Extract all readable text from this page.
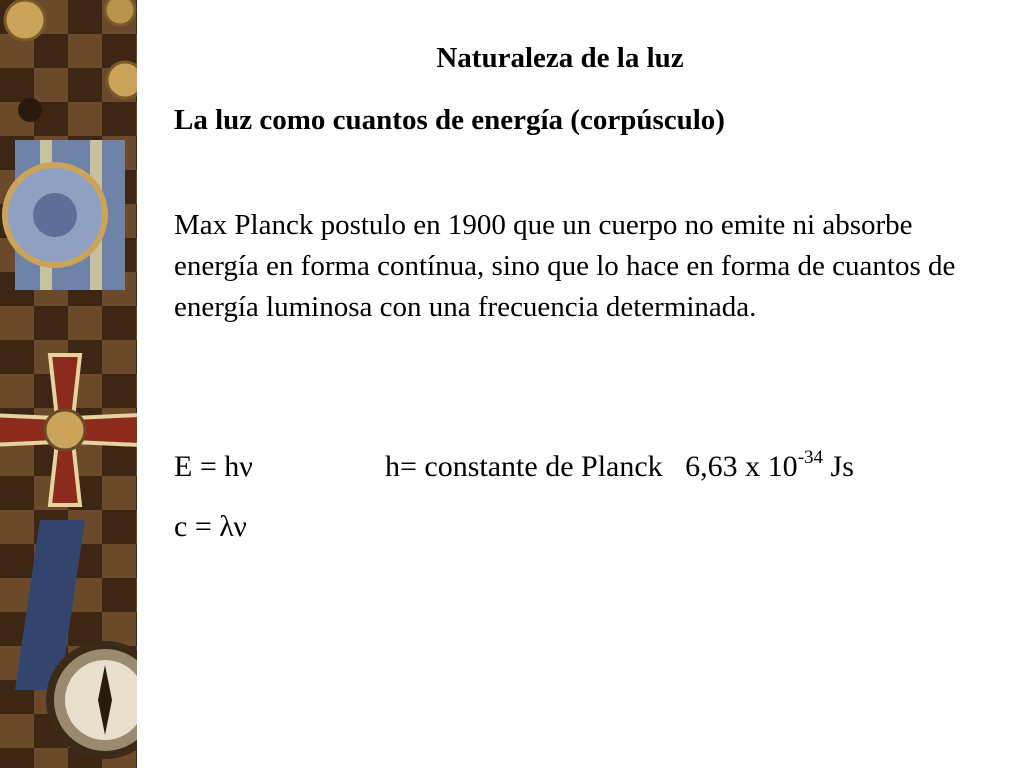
Naturaleza de la luz
La luz como cuantos de energía (corpúsculo)
Max Planck postulo en 1900 que un cuerpo no emite ni absorbe energía en forma contínua, sino que lo hace en forma de cuantos de energía luminosa con una frecuencia determinada.
E = hν	h= constante de Planck   6,63 x $10^{-34}$ Js
c = λν
